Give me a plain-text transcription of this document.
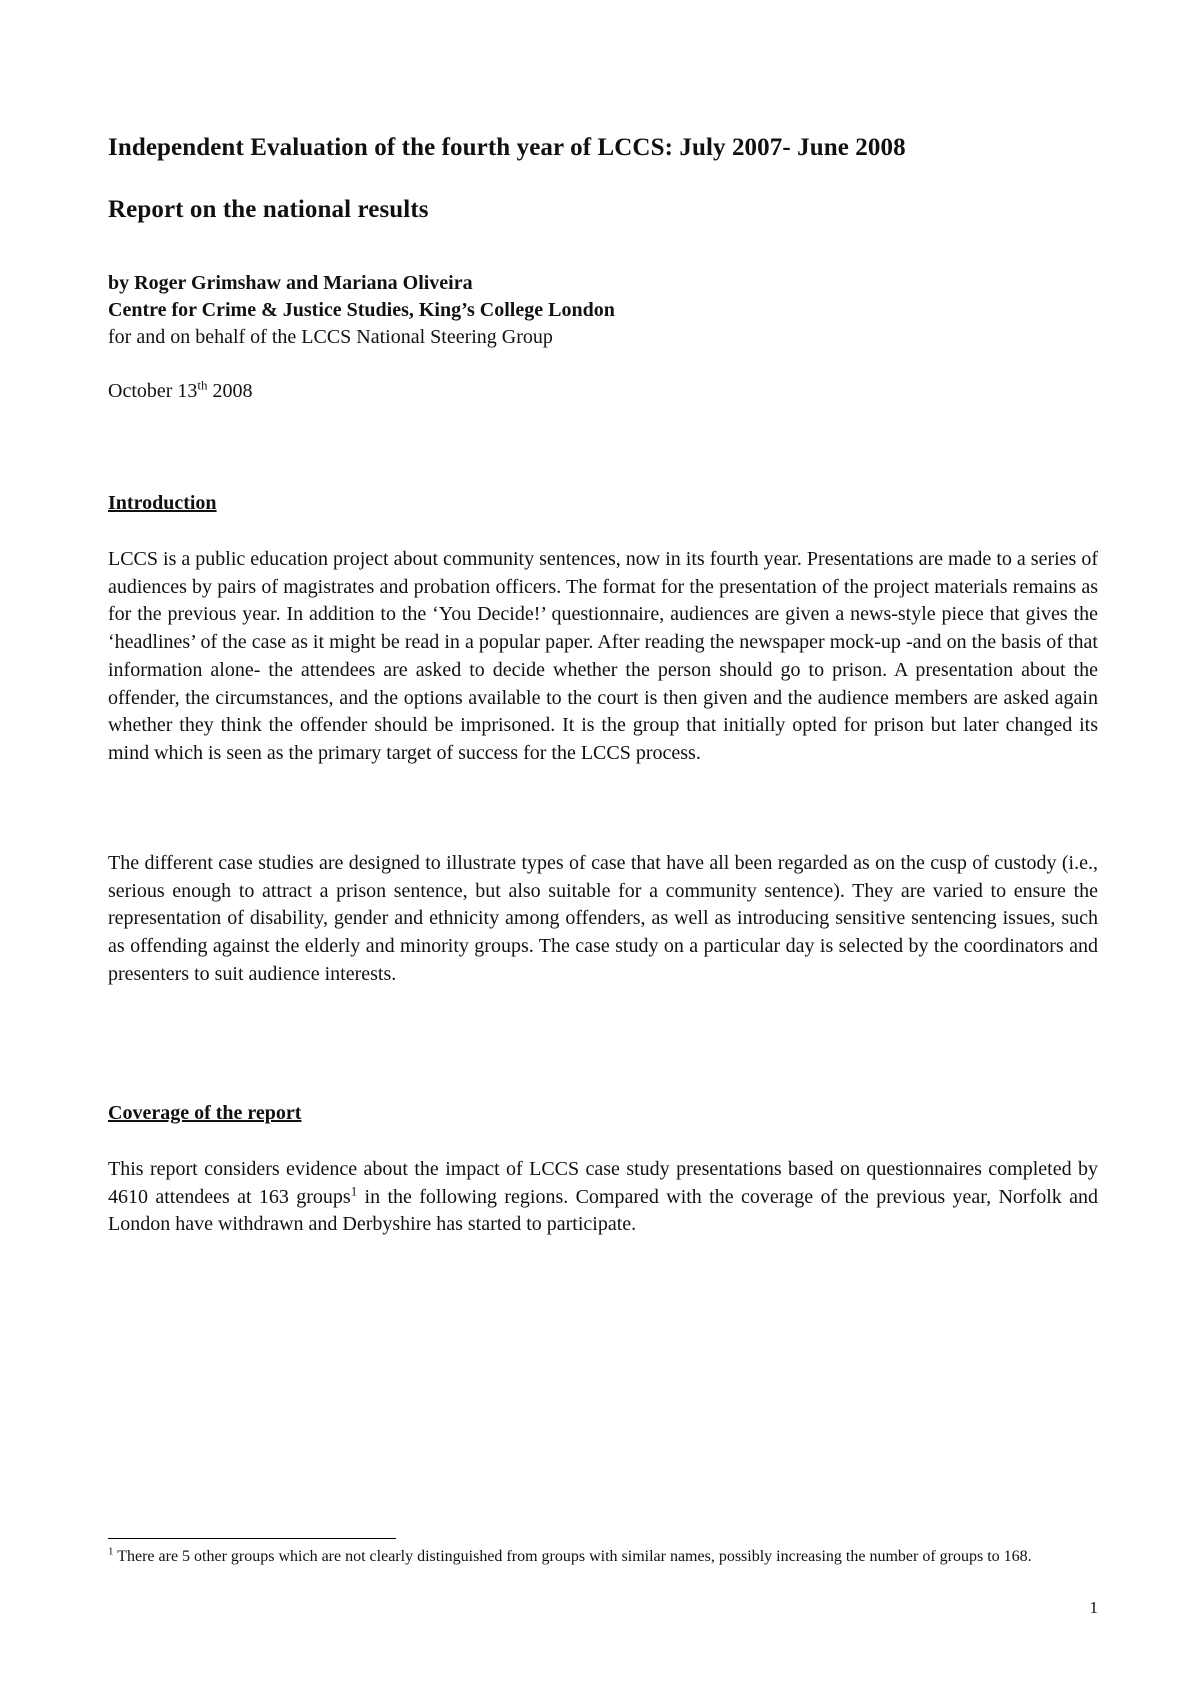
Independent Evaluation of the fourth year of LCCS: July 2007- June 2008
Report on the national results
by Roger Grimshaw and Mariana Oliveira
Centre for Crime & Justice Studies, King’s College London
for and on behalf of the LCCS National Steering Group
October 13th 2008
Introduction
LCCS is a public education project about community sentences, now in its fourth year. Presentations are made to a series of audiences by pairs of magistrates and probation officers. The format for the presentation of the project materials remains as for the previous year. In addition to the ‘You Decide!’ questionnaire, audiences are given a news-style piece that gives the ‘headlines’ of the case as it might be read in a popular paper. After reading the newspaper mock-up -and on the basis of that information alone- the attendees are asked to decide whether the person should go to prison. A presentation about the offender, the circumstances, and the options available to the court is then given and the audience members are asked again whether they think the offender should be imprisoned. It is the group that initially opted for prison but later changed its mind which is seen as the primary target of success for the LCCS process.
The different case studies are designed to illustrate types of case that have all been regarded as on the cusp of custody (i.e., serious enough to attract a prison sentence, but also suitable for a community sentence). They are varied to ensure the representation of disability, gender and ethnicity among offenders, as well as introducing sensitive sentencing issues, such as offending against the elderly and minority groups. The case study on a particular day is selected by the coordinators and presenters to suit audience interests.
Coverage of the report
This report considers evidence about the impact of LCCS case study presentations based on questionnaires completed by 4610 attendees at 163 groups$^1$ in the following regions. Compared with the coverage of the previous year, Norfolk and London have withdrawn and Derbyshire has started to participate.
$^1$ There are 5 other groups which are not clearly distinguished from groups with similar names, possibly increasing the number of groups to 168.
1
